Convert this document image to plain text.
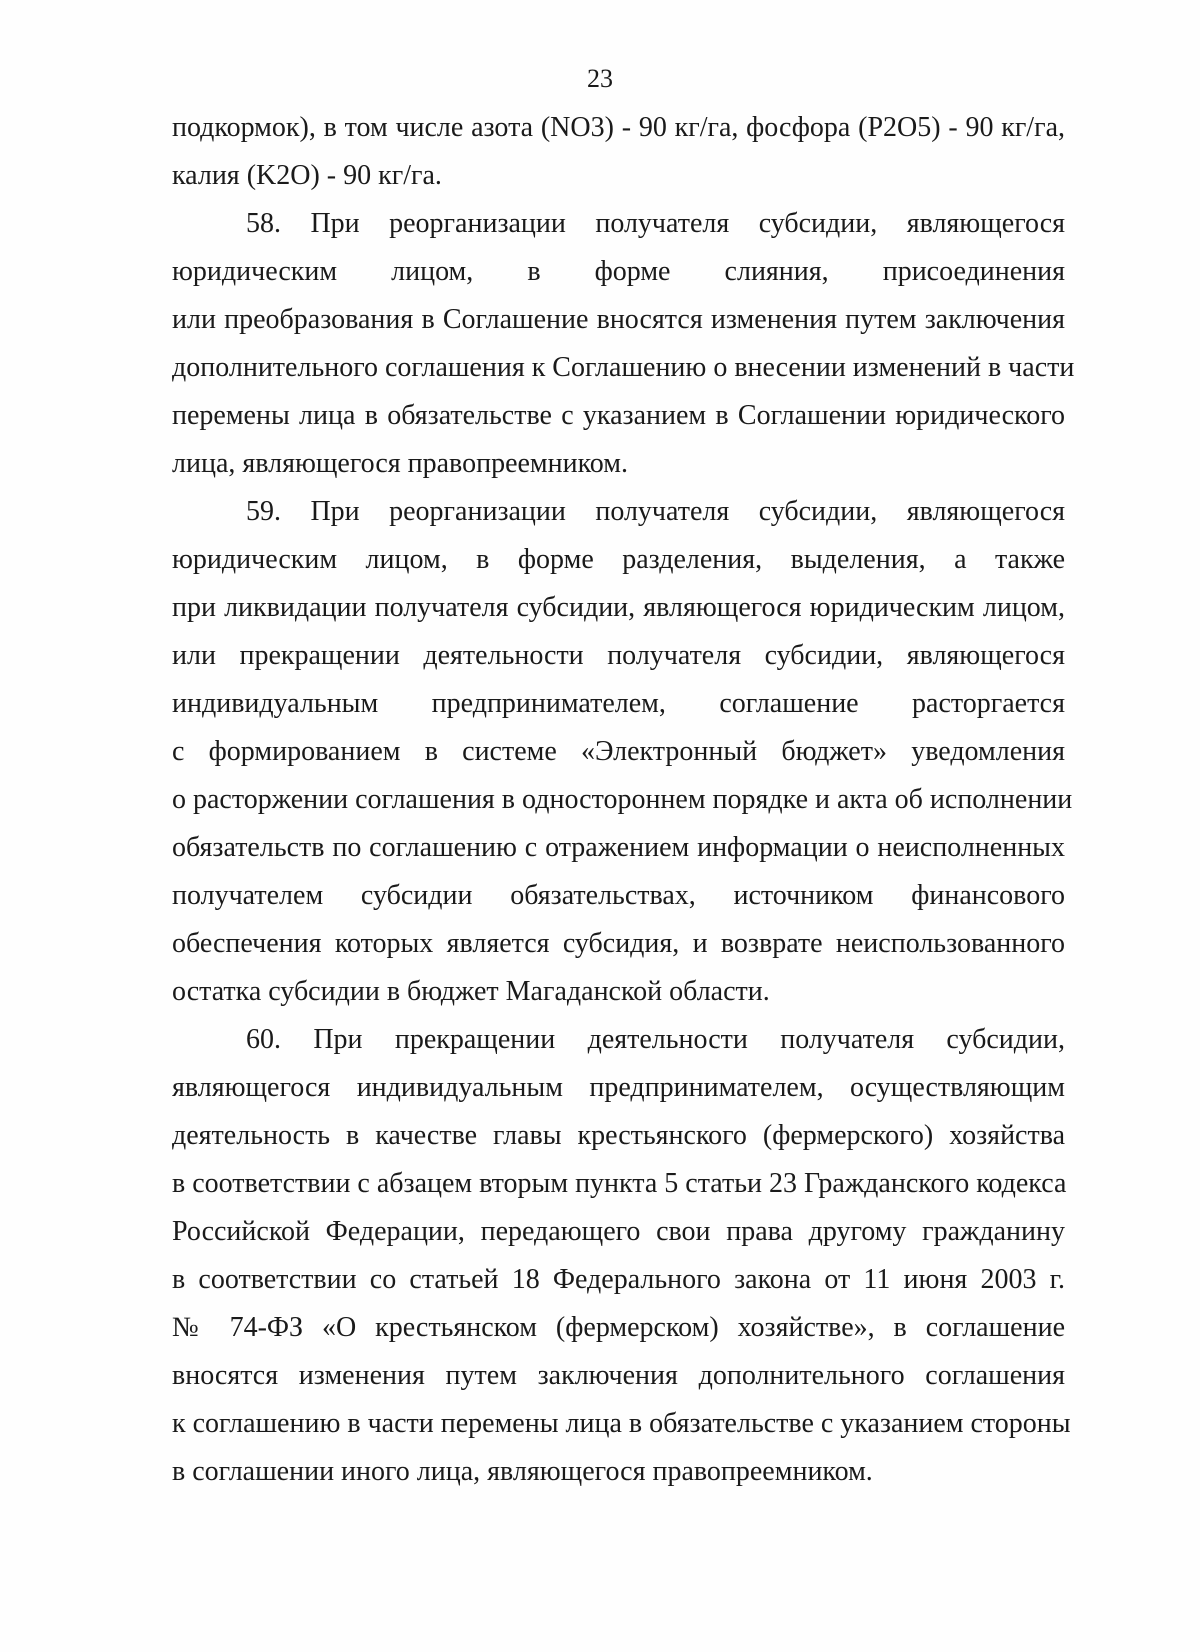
23
подкормок), в том числе азота (NO3) - 90 кг/га, фосфора (P2O5) - 90 кг/га,
калия (K2O) - 90 кг/га.
58. При реорганизации получателя субсидии, являющегося
юридическим лицом, в форме слияния, присоединения
или преобразования в Соглашение вносятся изменения путем заключения
дополнительного соглашения к Соглашению о внесении изменений в части
перемены лица в обязательстве с указанием в Соглашении юридического
лица, являющегося правопреемником.
59. При реорганизации получателя субсидии, являющегося
юридическим лицом, в форме разделения, выделения, а также
при ликвидации получателя субсидии, являющегося юридическим лицом,
или прекращении деятельности получателя субсидии, являющегося
индивидуальным предпринимателем, соглашение расторгается
с формированием в системе «Электронный бюджет» уведомления
о расторжении соглашения в одностороннем порядке и акта об исполнении
обязательств по соглашению с отражением информации о неисполненных
получателем субсидии обязательствах, источником финансового
обеспечения которых является субсидия, и возврате неиспользованного
остатка субсидии в бюджет Магаданской области.
60. При прекращении деятельности получателя субсидии,
являющегося индивидуальным предпринимателем, осуществляющим
деятельность в качестве главы крестьянского (фермерского) хозяйства
в соответствии с абзацем вторым пункта 5 статьи 23 Гражданского кодекса
Российской Федерации, передающего свои права другому гражданину
в соответствии со статьей 18 Федерального закона от 11 июня 2003 г.
№ 74-ФЗ «О крестьянском (фермерском) хозяйстве», в соглашение
вносятся изменения путем заключения дополнительного соглашения
к соглашению в части перемены лица в обязательстве с указанием стороны
в соглашении иного лица, являющегося правопреемником.
